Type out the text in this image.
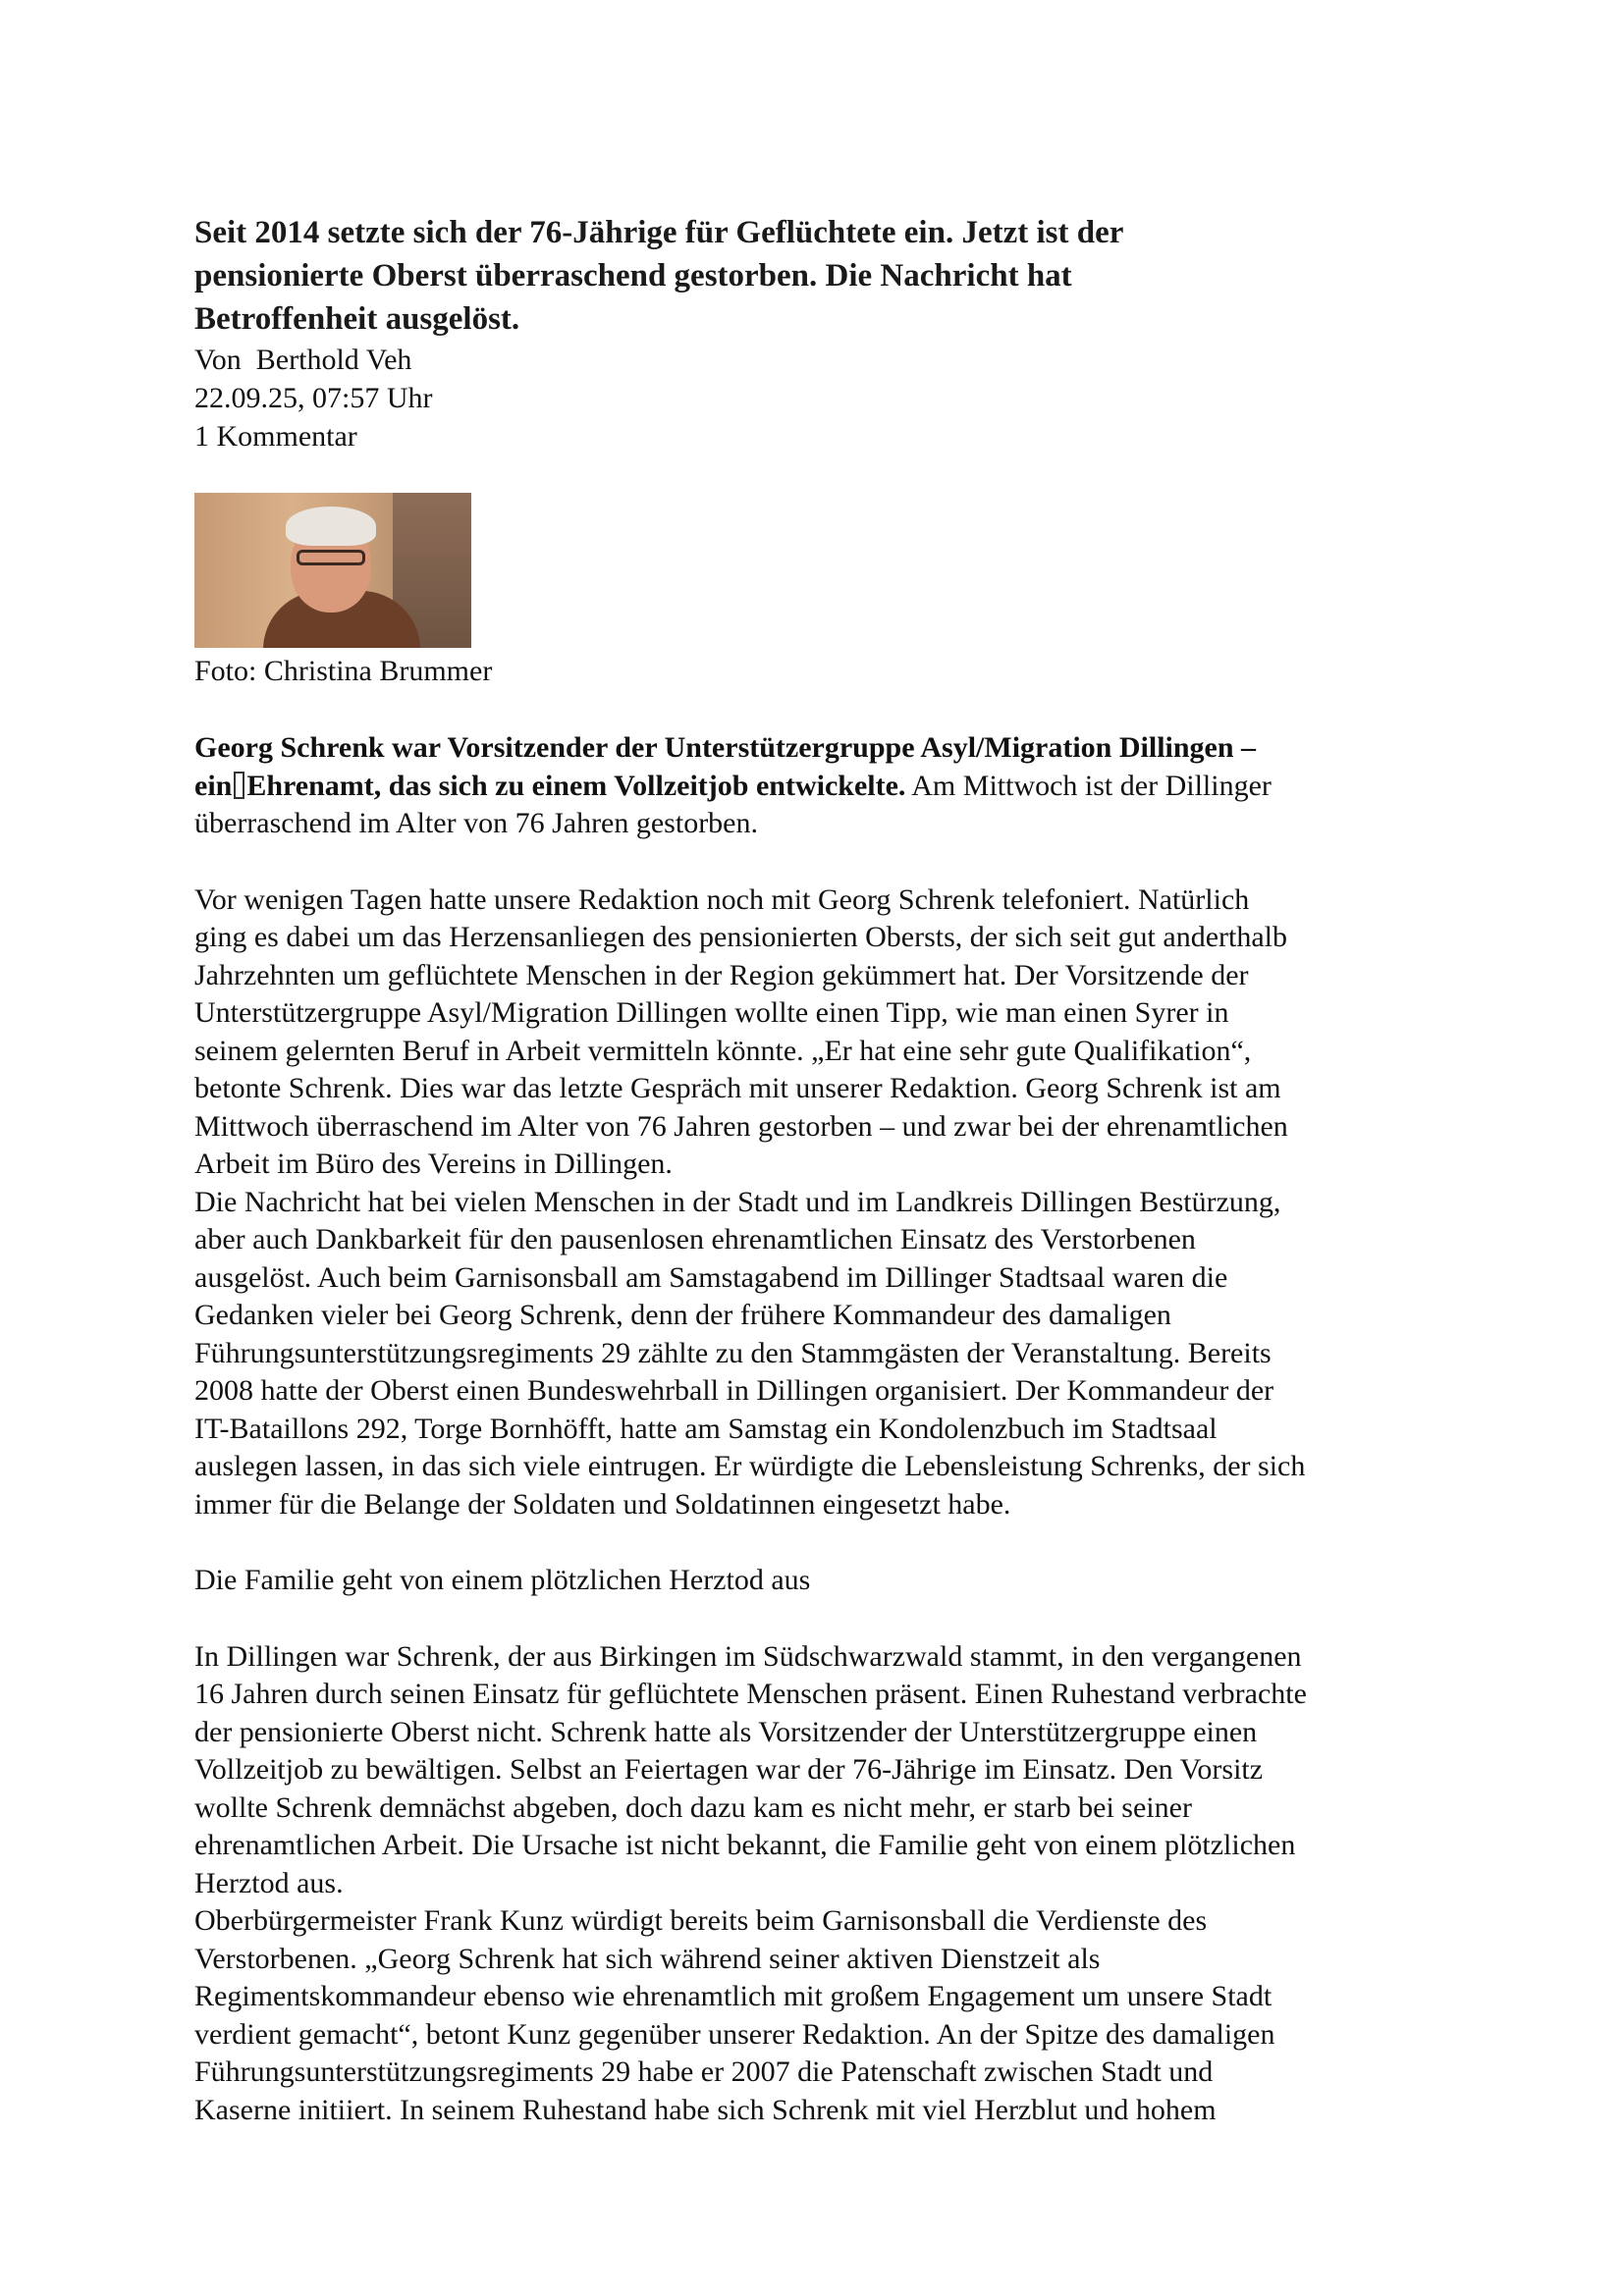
Seit 2014 setzte sich der 76-Jährige für Geflüchtete ein. Jetzt ist der
pensionierte Oberst überraschend gestorben. Die Nachricht hat
Betroffenheit ausgelöst.

Von  Berthold Veh

22.09.25, 07:57 Uhr

1 Kommentar

Foto: Christina Brummer

Georg Schrenk war Vorsitzender der Unterstützergruppe Asyl/Migration Dillingen –
ein Ehrenamt, das sich zu einem Vollzeitjob entwickelte. Am Mittwoch ist der Dillinger
überraschend im Alter von 76 Jahren gestorben.

Vor wenigen Tagen hatte unsere Redaktion noch mit Georg Schrenk telefoniert. Natürlich
ging es dabei um das Herzensanliegen des pensionierten Obersts, der sich seit gut anderthalb
Jahrzehnten um geflüchtete Menschen in der Region gekümmert hat. Der Vorsitzende der
Unterstützergruppe Asyl/Migration Dillingen wollte einen Tipp, wie man einen Syrer in
seinem gelernten Beruf in Arbeit vermitteln könnte. „Er hat eine sehr gute Qualifikation“,
betonte Schrenk. Dies war das letzte Gespräch mit unserer Redaktion. Georg Schrenk ist am
Mittwoch überraschend im Alter von 76 Jahren gestorben – und zwar bei der ehrenamtlichen
Arbeit im Büro des Vereins in Dillingen.

Die Nachricht hat bei vielen Menschen in der Stadt und im Landkreis Dillingen Bestürzung,
aber auch Dankbarkeit für den pausenlosen ehrenamtlichen Einsatz des Verstorbenen
ausgelöst. Auch beim Garnisonsball am Samstagabend im Dillinger Stadtsaal waren die
Gedanken vieler bei Georg Schrenk, denn der frühere Kommandeur des damaligen
Führungsunterstützungsregiments 29 zählte zu den Stammgästen der Veranstaltung. Bereits
2008 hatte der Oberst einen Bundeswehrball in Dillingen organisiert. Der Kommandeur der
IT-Bataillons 292, Torge Bornhöfft, hatte am Samstag ein Kondolenzbuch im Stadtsaal
auslegen lassen, in das sich viele eintrugen. Er würdigte die Lebensleistung Schrenks, der sich
immer für die Belange der Soldaten und Soldatinnen eingesetzt habe.

Die Familie geht von einem plötzlichen Herztod aus

In Dillingen war Schrenk, der aus Birkingen im Südschwarzwald stammt, in den vergangenen
16 Jahren durch seinen Einsatz für geflüchtete Menschen präsent. Einen Ruhestand verbrachte
der pensionierte Oberst nicht. Schrenk hatte als Vorsitzender der Unterstützergruppe einen
Vollzeitjob zu bewältigen. Selbst an Feiertagen war der 76-Jährige im Einsatz. Den Vorsitz
wollte Schrenk demnächst abgeben, doch dazu kam es nicht mehr, er starb bei seiner
ehrenamtlichen Arbeit. Die Ursache ist nicht bekannt, die Familie geht von einem plötzlichen
Herztod aus.

Oberbürgermeister Frank Kunz würdigt bereits beim Garnisonsball die Verdienste des
Verstorbenen. „Georg Schrenk hat sich während seiner aktiven Dienstzeit als
Regimentskommandeur ebenso wie ehrenamtlich mit großem Engagement um unsere Stadt
verdient gemacht“, betont Kunz gegenüber unserer Redaktion. An der Spitze des damaligen
Führungsunterstützungsregiments 29 habe er 2007 die Patenschaft zwischen Stadt und
Kaserne initiiert. In seinem Ruhestand habe sich Schrenk mit viel Herzblut und hohem
